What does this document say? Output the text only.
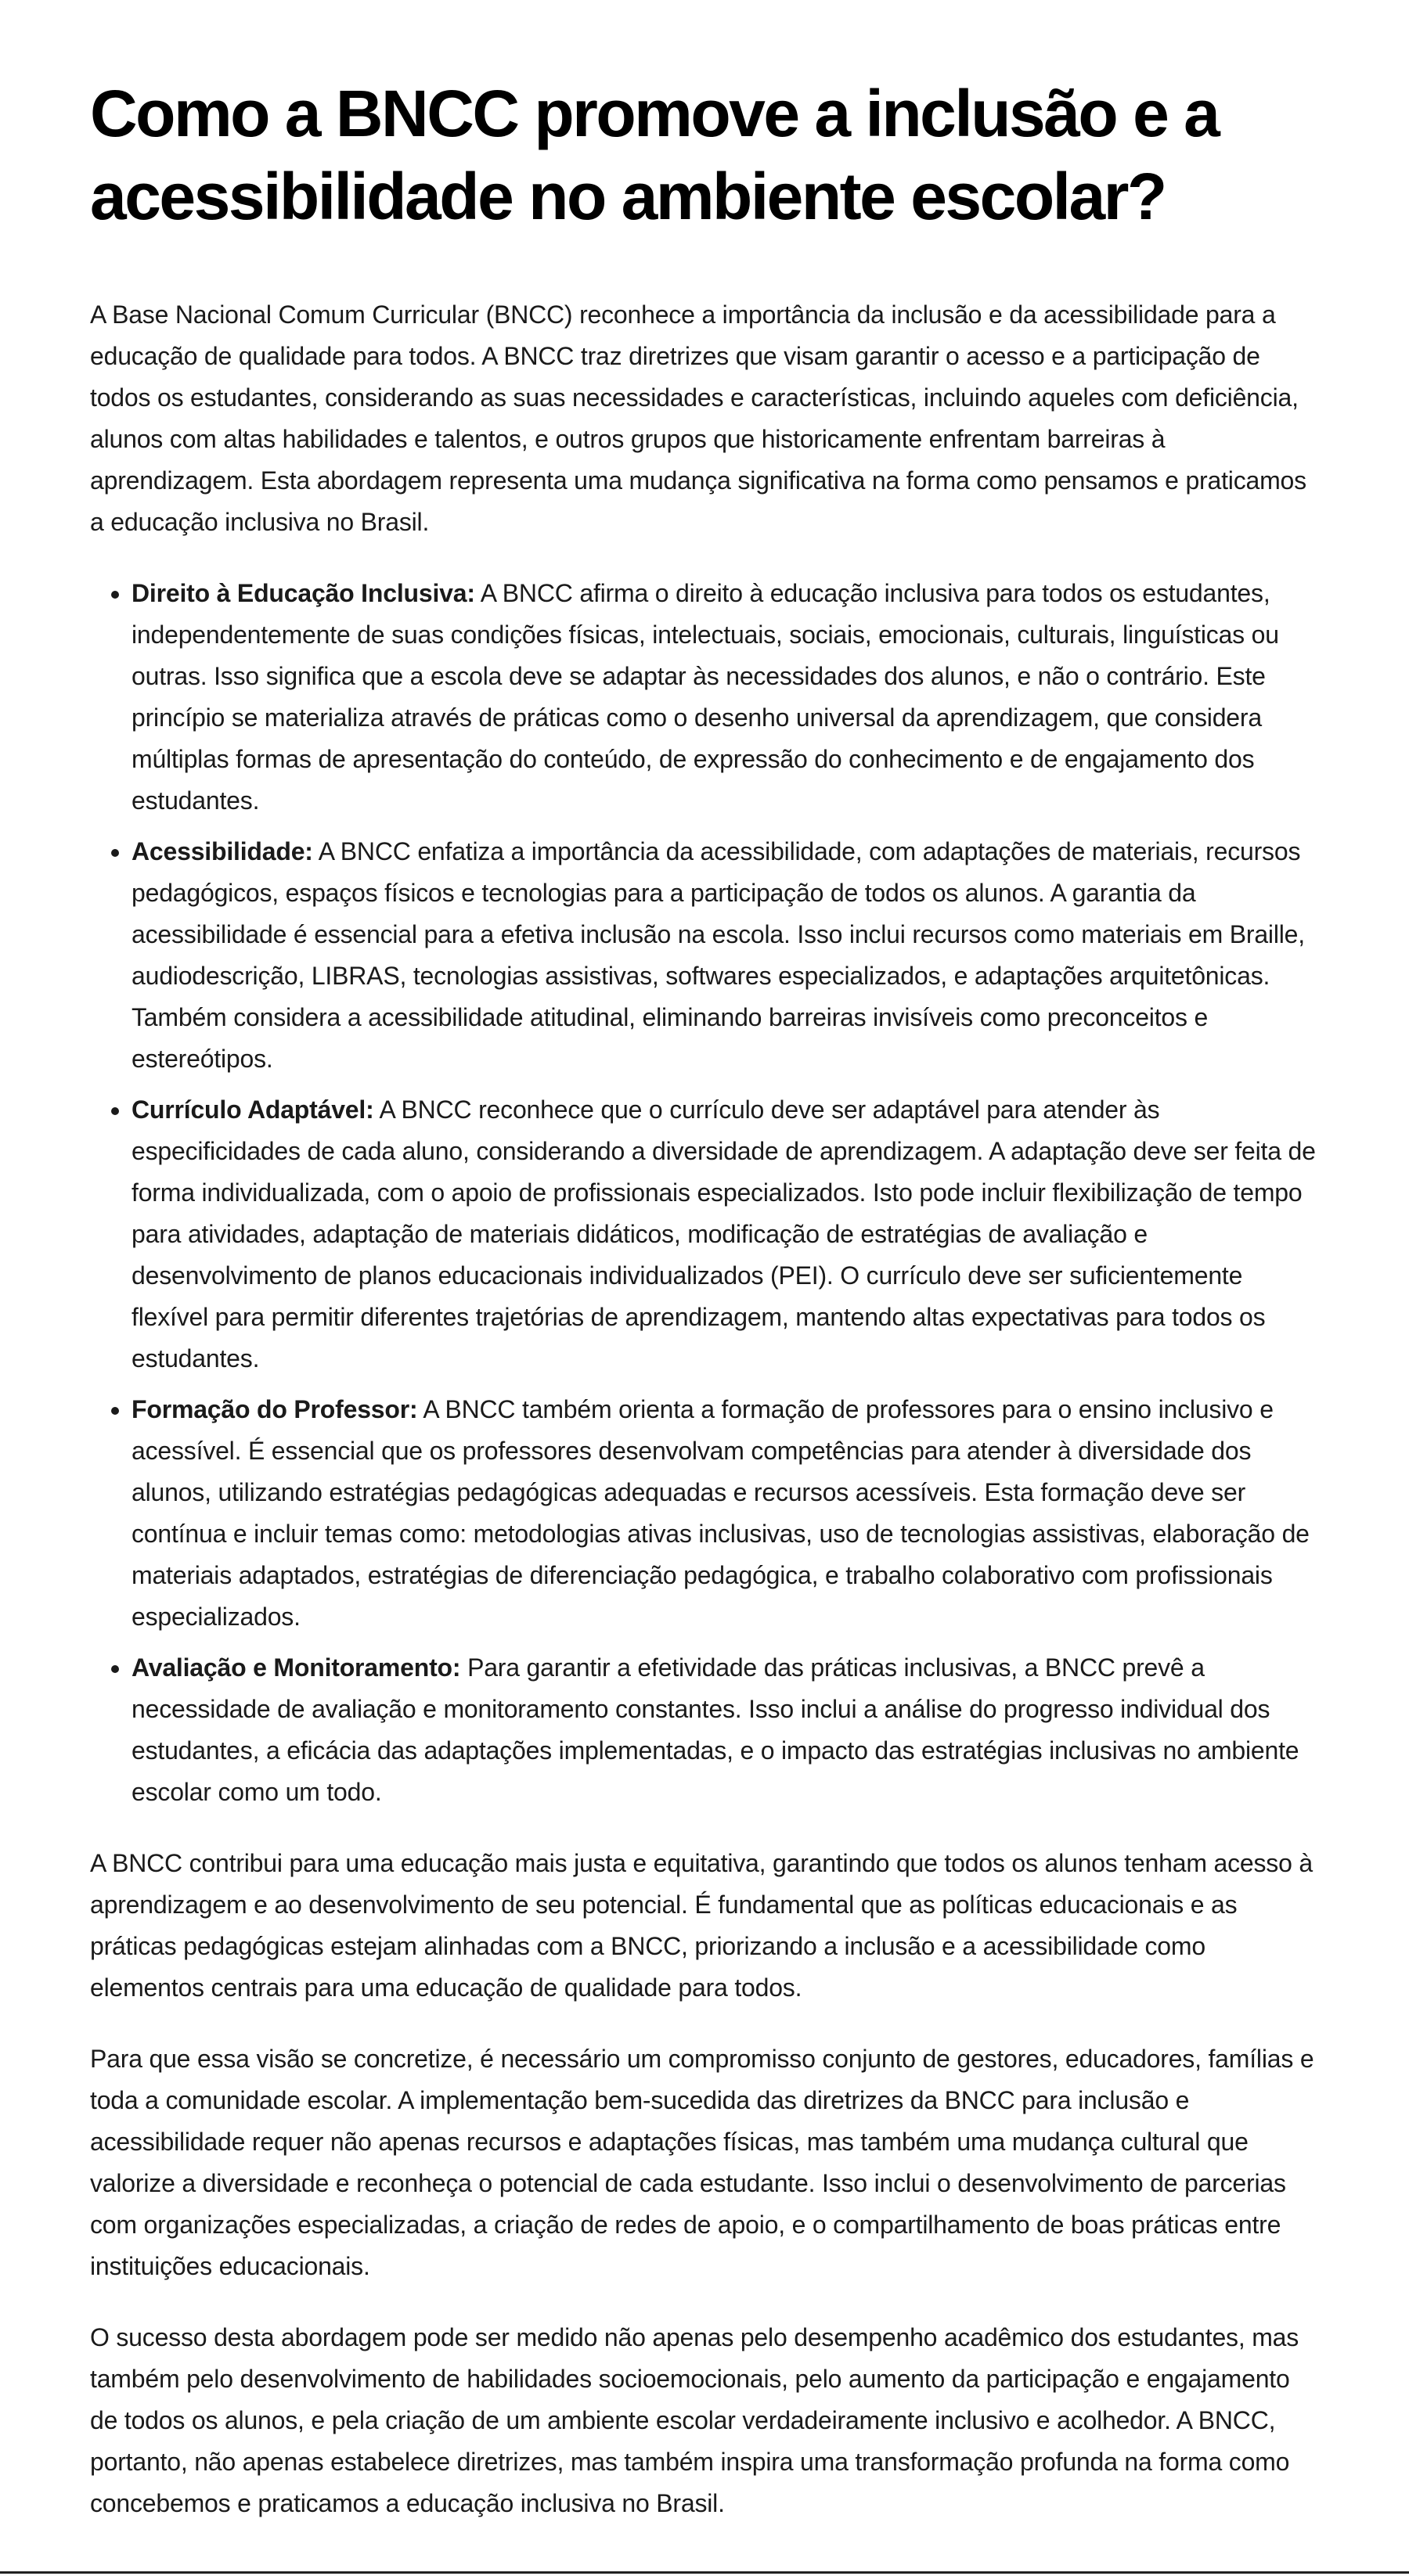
Como a BNCC promove a inclusão e a acessibilidade no ambiente escolar?

A Base Nacional Comum Curricular (BNCC) reconhece a importância da inclusão e da acessibilidade para a educação de qualidade para todos. A BNCC traz diretrizes que visam garantir o acesso e a participação de todos os estudantes, considerando as suas necessidades e características, incluindo aqueles com deficiência, alunos com altas habilidades e talentos, e outros grupos que historicamente enfrentam barreiras à aprendizagem. Esta abordagem representa uma mudança significativa na forma como pensamos e praticamos a educação inclusiva no Brasil.

• Direito à Educação Inclusiva: A BNCC afirma o direito à educação inclusiva para todos os estudantes, independentemente de suas condições físicas, intelectuais, sociais, emocionais, culturais, linguísticas ou outras. Isso significa que a escola deve se adaptar às necessidades dos alunos, e não o contrário. Este princípio se materializa através de práticas como o desenho universal da aprendizagem, que considera múltiplas formas de apresentação do conteúdo, de expressão do conhecimento e de engajamento dos estudantes.
• Acessibilidade: A BNCC enfatiza a importância da acessibilidade, com adaptações de materiais, recursos pedagógicos, espaços físicos e tecnologias para a participação de todos os alunos. A garantia da acessibilidade é essencial para a efetiva inclusão na escola. Isso inclui recursos como materiais em Braille, audiodescrição, LIBRAS, tecnologias assistivas, softwares especializados, e adaptações arquitetônicas. Também considera a acessibilidade atitudinal, eliminando barreiras invisíveis como preconceitos e estereótipos.
• Currículo Adaptável: A BNCC reconhece que o currículo deve ser adaptável para atender às especificidades de cada aluno, considerando a diversidade de aprendizagem. A adaptação deve ser feita de forma individualizada, com o apoio de profissionais especializados. Isto pode incluir flexibilização de tempo para atividades, adaptação de materiais didáticos, modificação de estratégias de avaliação e desenvolvimento de planos educacionais individualizados (PEI). O currículo deve ser suficientemente flexível para permitir diferentes trajetórias de aprendizagem, mantendo altas expectativas para todos os estudantes.
• Formação do Professor: A BNCC também orienta a formação de professores para o ensino inclusivo e acessível. É essencial que os professores desenvolvam competências para atender à diversidade dos alunos, utilizando estratégias pedagógicas adequadas e recursos acessíveis. Esta formação deve ser contínua e incluir temas como: metodologias ativas inclusivas, uso de tecnologias assistivas, elaboração de materiais adaptados, estratégias de diferenciação pedagógica, e trabalho colaborativo com profissionais especializados.
• Avaliação e Monitoramento: Para garantir a efetividade das práticas inclusivas, a BNCC prevê a necessidade de avaliação e monitoramento constantes. Isso inclui a análise do progresso individual dos estudantes, a eficácia das adaptações implementadas, e o impacto das estratégias inclusivas no ambiente escolar como um todo.

A BNCC contribui para uma educação mais justa e equitativa, garantindo que todos os alunos tenham acesso à aprendizagem e ao desenvolvimento de seu potencial. É fundamental que as políticas educacionais e as práticas pedagógicas estejam alinhadas com a BNCC, priorizando a inclusão e a acessibilidade como elementos centrais para uma educação de qualidade para todos.

Para que essa visão se concretize, é necessário um compromisso conjunto de gestores, educadores, famílias e toda a comunidade escolar. A implementação bem-sucedida das diretrizes da BNCC para inclusão e acessibilidade requer não apenas recursos e adaptações físicas, mas também uma mudança cultural que valorize a diversidade e reconheça o potencial de cada estudante. Isso inclui o desenvolvimento de parcerias com organizações especializadas, a criação de redes de apoio, e o compartilhamento de boas práticas entre instituições educacionais.

O sucesso desta abordagem pode ser medido não apenas pelo desempenho acadêmico dos estudantes, mas também pelo desenvolvimento de habilidades socioemocionais, pelo aumento da participação e engajamento de todos os alunos, e pela criação de um ambiente escolar verdadeiramente inclusivo e acolhedor. A BNCC, portanto, não apenas estabelece diretrizes, mas também inspira uma transformação profunda na forma como concebemos e praticamos a educação inclusiva no Brasil.
